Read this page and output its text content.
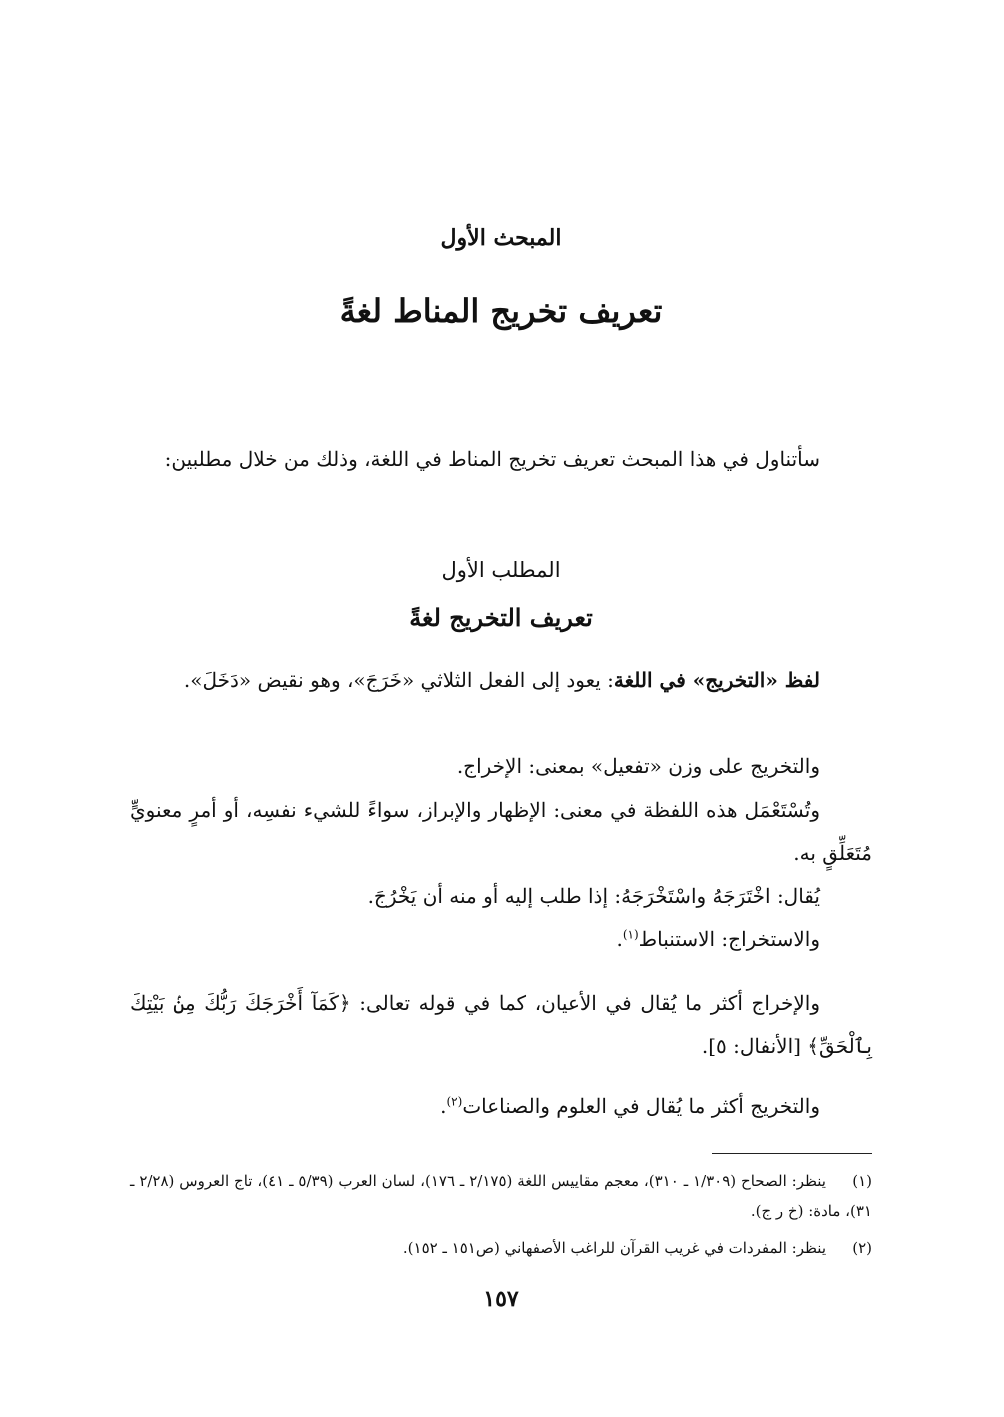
المبحث الأول
تعريف تخريج المناط لغةً
سأتناول في هذا المبحث تعريف تخريج المناط في اللغة، وذلك من خلال مطلبين:
المطلب الأول
تعريف التخريج لغةً
لفظ «التخريج» في اللغة: يعود إلى الفعل الثلاثي «خَرَجَ»، وهو نقيض «دَخَلَ».
والتخريج على وزن «تفعيل» بمعنى: الإخراج.
وتُسْتَعْمَل هذه اللفظة في معنى: الإظهار والإبراز، سواءً للشيء نفسِه، أو أمرٍ معنويٍّ مُتَعَلِّقٍ به.
يُقال: اخْتَرَجَهُ واسْتَخْرَجَهُ: إذا طلب إليه أو منه أن يَخْرُجَ.
والاستخراج: الاستنباط$^{(١)}$.
والإخراج أكثر ما يُقال في الأعيان، كما في قوله تعالى: ﴿كَمَآ أَخْرَجَكَ رَبُّكَ مِنۢ بَيْتِكَ بِٱلْحَقِّ﴾ [الأنفال: ٥].
والتخريج أكثر ما يُقال في العلوم والصناعات$^{(٢)}$.
(١)ينظر: الصحاح (١/٣٠٩ ـ ٣١٠)، معجم مقاييس اللغة (٢/١٧٥ ـ ١٧٦)، لسان العرب (٥/٣٩ ـ ٤١)، تاج العروس (٢/٢٨ ـ ٣١)، مادة: (خ ر ج).
(٢)ينظر: المفردات في غريب القرآن للراغب الأصفهاني (ص١٥١ ـ ١٥٢).
١٥٧
